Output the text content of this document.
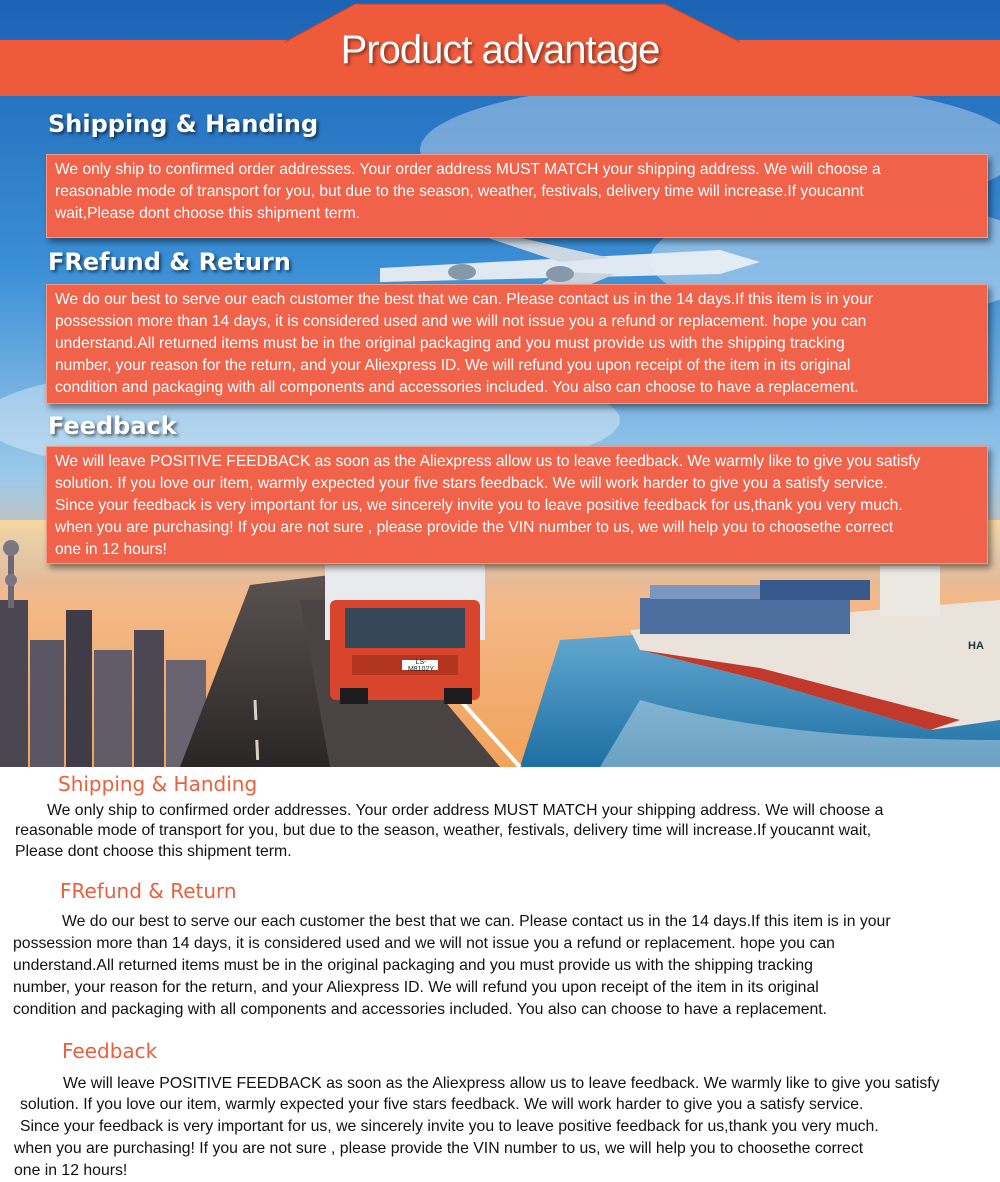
Product advantage
Shipping & Handing
We only ship to confirmed order addresses. Your order address MUST MATCH your shipping address. We will choose a
reasonable mode of transport for you, but due to the season, weather, festivals, delivery time will increase.If youcannt
wait,Please dont choose this shipment term.
FRefund & Return
We do our best to serve our each customer the best that we can. Please contact us in the 14 days.If this item is in your
possession more than 14 days, it is considered used and we will not issue you a refund or replacement. hope you can
understand.All returned items must be in the original packaging and you must provide us with the shipping tracking
number, your reason for the return, and your Aliexpress ID. We will refund you upon receipt of the item in its original
condition and packaging with all components and accessories included. You also can choose to have a replacement.
Feedback
We will leave POSITIVE FEEDBACK as soon as the Aliexpress allow us to leave feedback. We warmly like to give you satisfy
solution. If you love our item, warmly expected your five stars feedback. We will work harder to give you a satisfy service.
Since your feedback is very important for us, we sincerely invite you to leave positive feedback for us,thank you very much.
when you are purchasing! If you are not sure , please provide the VIN number to us, we will help you to choosethe correct
one in 12 hours!
LS-M8102Y
HA
Shipping & Handing
We only ship to confirmed order addresses. Your order address MUST MATCH your shipping address. We will choose a
reasonable mode of transport for you, but due to the season, weather, festivals, delivery time will increase.If youcannt wait,
Please dont choose this shipment term.
FRefund & Return
We do our best to serve our each customer the best that we can. Please contact us in the 14 days.If this item is in your
possession more than 14 days, it is considered used and we will not issue you a refund or replacement. hope you can
understand.All returned items must be in the original packaging and you must provide us with the shipping tracking
number, your reason for the return, and your Aliexpress ID. We will refund you upon receipt of the item in its original
condition and packaging with all components and accessories included. You also can choose to have a replacement.
Feedback
We will leave POSITIVE FEEDBACK as soon as the Aliexpress allow us to leave feedback. We warmly like to give you satisfy
solution. If you love our item, warmly expected your five stars feedback. We will work harder to give you a satisfy service.
Since your feedback is very important for us, we sincerely invite you to leave positive feedback for us,thank you very much.
when you are purchasing! If you are not sure , please provide the VIN number to us, we will help you to choosethe correct
one in 12 hours!
